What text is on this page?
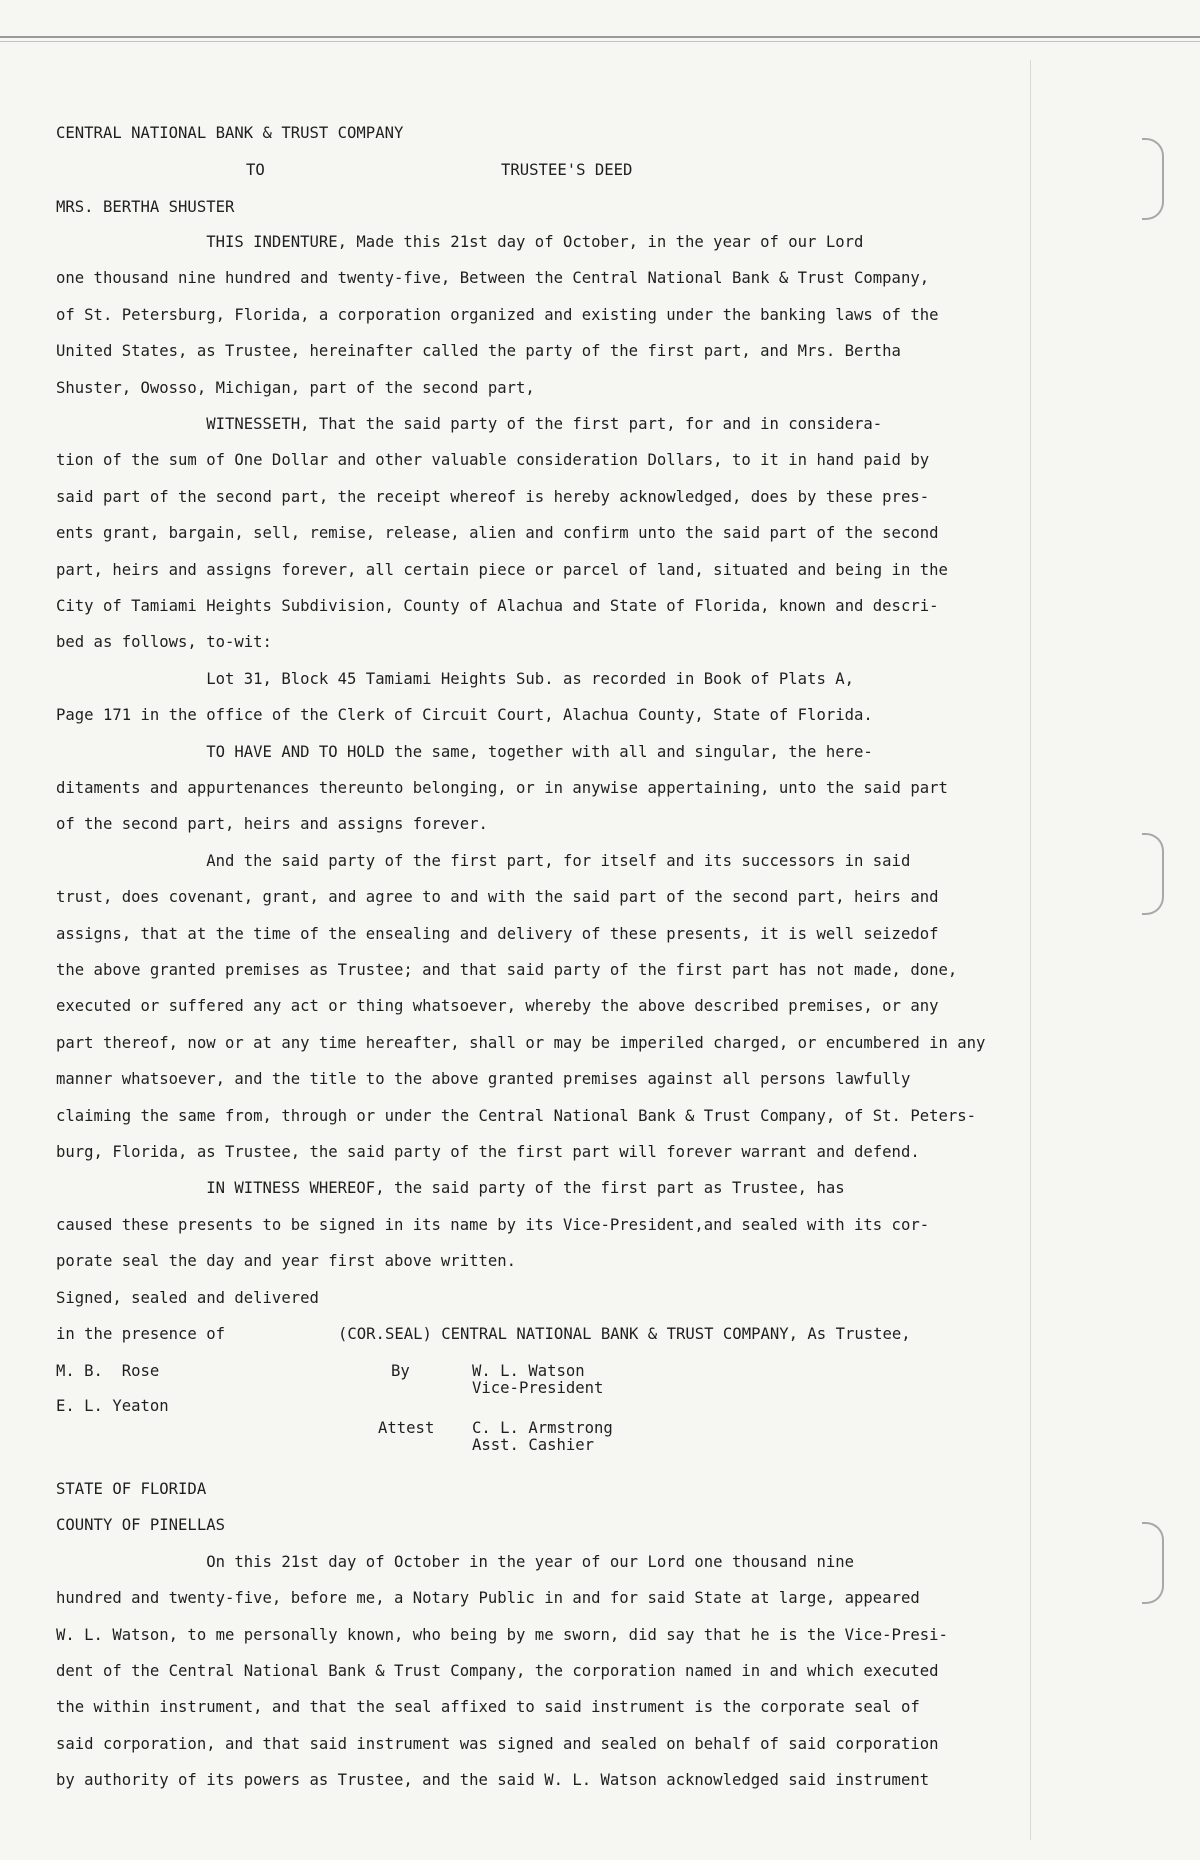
CENTRAL NATIONAL BANK & TRUST COMPANY
TO	TRUSTEE'S DEED
MRS. BERTHA SHUSTER
THIS INDENTURE, Made this 21st day of October, in the year of our Lord
one thousand nine hundred and twenty-five, Between the Central National Bank & Trust Company,
of St. Petersburg, Florida, a corporation organized and existing under the banking laws of the
United States, as Trustee, hereinafter called the party of the first part, and Mrs. Bertha
Shuster, Owosso, Michigan, part of the second part,
WITNESSETH, That the said party of the first part, for and in considera-
tion of the sum of One Dollar and other valuable consideration Dollars, to it in hand paid by
said part of the second part, the receipt whereof is hereby acknowledged, does by these pres-
ents grant, bargain, sell, remise, release, alien and confirm unto the said part of the second
part, heirs and assigns forever, all certain piece or parcel of land, situated and being in the
City of Tamiami Heights Subdivision, County of Alachua and State of Florida, known and descri-
bed as follows, to-wit:
Lot 31, Block 45 Tamiami Heights Sub. as recorded in Book of Plats A,
Page 171 in the office of the Clerk of Circuit Court, Alachua County, State of Florida.
TO HAVE AND TO HOLD the same, together with all and singular, the here-
ditaments and appurtenances thereunto belonging, or in anywise appertaining, unto the said part
of the second part, heirs and assigns forever.
And the said party of the first part, for itself and its successors in said
trust, does covenant, grant, and agree to and with the said part of the second part, heirs and
assigns, that at the time of the ensealing and delivery of these presents, it is well seizedof
the above granted premises as Trustee; and that said party of the first part has not made, done,
executed or suffered any act or thing whatsoever, whereby the above described premises, or any
part thereof, now or at any time hereafter, shall or may be imperiled charged, or encumbered in any
manner whatsoever, and the title to the above granted premises against all persons lawfully
claiming the same from, through or under the Central National Bank & Trust Company, of St. Peters-
burg, Florida, as Trustee, the said party of the first part will forever warrant and defend.
IN WITNESS WHEREOF, the said party of the first part as Trustee, has
caused these presents to be signed in its name by its Vice-President,and sealed with its cor-
porate seal the day and year first above written.
Signed, sealed and delivered
in the presence of	(COR.SEAL) CENTRAL NATIONAL BANK & TRUST COMPANY, As Trustee,
M. B.  Rose	By	W. L. Watson
Vice-President
E. L. Yeaton
Attest C. L. Armstrong
Asst. Cashier
STATE OF FLORIDA
COUNTY OF PINELLAS
On this 21st day of October in the year of our Lord one thousand nine
hundred and twenty-five, before me, a Notary Public in and for said State at large, appeared
W. L. Watson, to me personally known, who being by me sworn, did say that he is the Vice-Presi-
dent of the Central National Bank & Trust Company, the corporation named in and which executed
the within instrument, and that the seal affixed to said instrument is the corporate seal of
said corporation, and that said instrument was signed and sealed on behalf of said corporation
by authority of its powers as Trustee, and the said W. L. Watson acknowledged said instrument
